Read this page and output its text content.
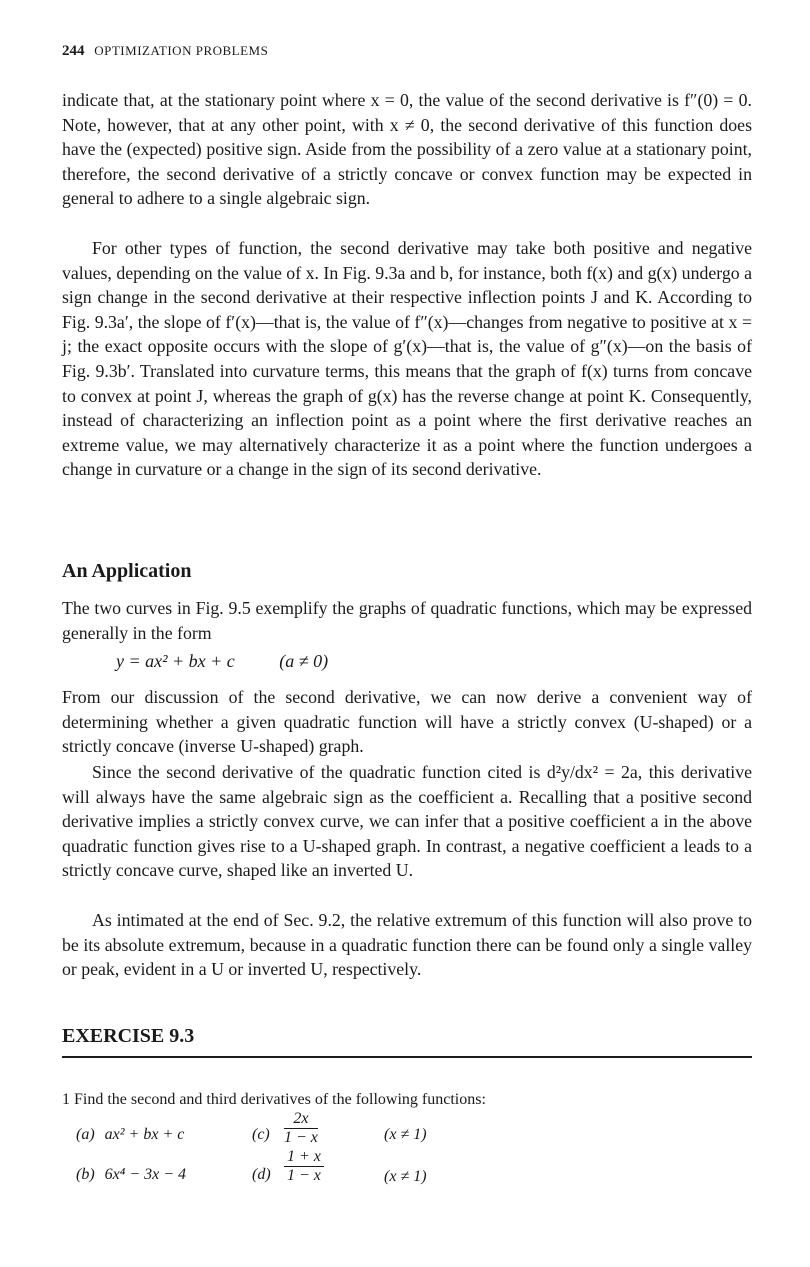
244 OPTIMIZATION PROBLEMS

indicate that, at the stationary point where x = 0, the value of the second derivative is f″(0) = 0. Note, however, that at any other point, with x ≠ 0, the second derivative of this function does have the (expected) positive sign. Aside from the possibility of a zero value at a stationary point, therefore, the second derivative of a strictly concave or convex function may be expected in general to adhere to a single algebraic sign.

For other types of function, the second derivative may take both positive and negative values, depending on the value of x. In Fig. 9.3a and b, for instance, both f(x) and g(x) undergo a sign change in the second derivative at their respective inflection points J and K. According to Fig. 9.3a′, the slope of f′(x)—that is, the value of f″(x)—changes from negative to positive at x = j; the exact opposite occurs with the slope of g′(x)—that is, the value of g″(x)—on the basis of Fig. 9.3b′. Translated into curvature terms, this means that the graph of f(x) turns from concave to convex at point J, whereas the graph of g(x) has the reverse change at point K. Consequently, instead of characterizing an inflection point as a point where the first derivative reaches an extreme value, we may alternatively characterize it as a point where the function undergoes a change in curvature or a change in the sign of its second derivative.

An Application

The two curves in Fig. 9.5 exemplify the graphs of quadratic functions, which may be expressed generally in the form

y = ax² + bx + c (a ≠ 0)

From our discussion of the second derivative, we can now derive a convenient way of determining whether a given quadratic function will have a strictly convex (U-shaped) or a strictly concave (inverse U-shaped) graph.

Since the second derivative of the quadratic function cited is d²y/dx² = 2a, this derivative will always have the same algebraic sign as the coefficient a. Recalling that a positive second derivative implies a strictly convex curve, we can infer that a positive coefficient a in the above quadratic function gives rise to a U-shaped graph. In contrast, a negative coefficient a leads to a strictly concave curve, shaped like an inverted U.

As intimated at the end of Sec. 9.2, the relative extremum of this function will also prove to be its absolute extremum, because in a quadratic function there can be found only a single valley or peak, evident in a U or inverted U, respectively.

EXERCISE 9.3
1 Find the second and third derivatives of the following functions:
(a) ax² + bx + c
(b) 6x⁴ − 3x − 4
$(c) \frac{2x}{1 - x}$	(x ≠ 1)
$(d) \frac{1 + x}{1 - x}$	(x ≠ 1)
